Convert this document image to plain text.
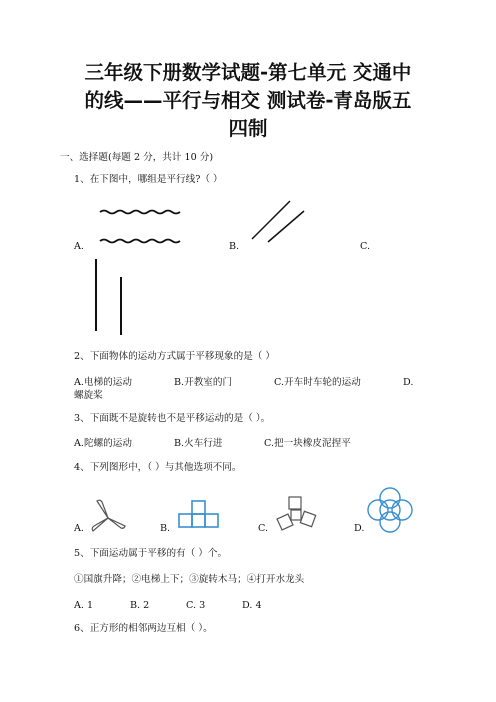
三年级下册数学试题-第七单元 交通中
的线——平行与相交 测试卷-青岛版五
四制
一、选择题(每题 2 分，共计 10 分)
1、在下图中，哪组是平行线?（ ）
A.	B.	C.
2、下面物体的运动方式属于平移现象的是（ ）
A.电梯的运动	B.开教室的门	C.开车时车轮的运动	D.
螺旋桨
3、下面既不是旋转也不是平移运动的是（ ）。
A.陀螺的运动	B.火车行进	C.把一块橡皮泥捏平
4、下列图形中，（ ）与其他选项不同。
A.	B.	C.	D.
5、下面运动属于平移的有（ ）个。
①国旗升降；②电梯上下；③旋转木马；④打开水龙头
A. 1	B. 2	C. 3	D. 4
6、正方形的相邻两边互相（ ）。
